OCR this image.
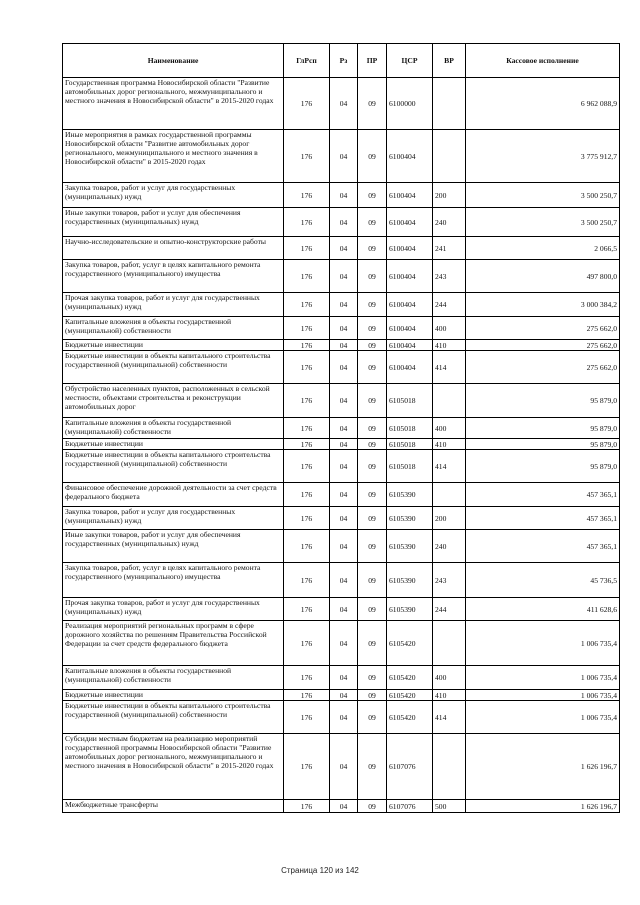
Наименование	ГлРсп	Рз	ПР	ЦСР	ВР	Кассовое исполнение
Государственная программа Новосибирской области "Развитие автомобильных дорог регионального, межмуниципального и местного значения в Новосибирской области" в 2015-2020 годах	176	04	09	6100000		6 962 088,9
Иные мероприятия в рамках государственной программы Новосибирской области "Развитие автомобильных дорог регионального, межмуниципального и местного значения в Новосибирской области" в 2015-2020 годах	176	04	09	6100404		3 775 912,7
Закупка товаров, работ и услуг для государственных (муниципальных) нужд	176	04	09	6100404	200	3 500 250,7
Иные закупки товаров, работ и услуг для обеспечения государственных (муниципальных) нужд	176	04	09	6100404	240	3 500 250,7
Научно-исследовательские и опытно-конструкторские работы	176	04	09	6100404	241	2 066,5
Закупка товаров, работ, услуг в целях капитального ремонта государственного (муниципального) имущества	176	04	09	6100404	243	497 800,0
Прочая закупка товаров, работ и услуг для государственных (муниципальных) нужд	176	04	09	6100404	244	3 000 384,2
Капитальные вложения в объекты государственной (муниципальной) собственности	176	04	09	6100404	400	275 662,0
Бюджетные инвестиции	176	04	09	6100404	410	275 662,0
Бюджетные инвестиции в объекты капитального строительства государственной (муниципальной) собственности	176	04	09	6100404	414	275 662,0
Обустройство населенных пунктов, расположенных в сельской местности, объектами строительства и реконструкции автомобильных дорог	176	04	09	6105018		95 879,0
Капитальные вложения в объекты государственной (муниципальной) собственности	176	04	09	6105018	400	95 879,0
Бюджетные инвестиции	176	04	09	6105018	410	95 879,0
Бюджетные инвестиции в объекты капитального строительства государственной (муниципальной) собственности	176	04	09	6105018	414	95 879,0
Финансовое обеспечение дорожной деятельности за счет средств федерального бюджета	176	04	09	6105390		457 365,1
Закупка товаров, работ и услуг для государственных (муниципальных) нужд	176	04	09	6105390	200	457 365,1
Иные закупки товаров, работ и услуг для обеспечения государственных (муниципальных) нужд	176	04	09	6105390	240	457 365,1
Закупка товаров, работ, услуг в целях капитального ремонта государственного (муниципального) имущества	176	04	09	6105390	243	45 736,5
Прочая закупка товаров, работ и услуг для государственных (муниципальных) нужд	176	04	09	6105390	244	411 628,6
Реализация мероприятий региональных программ в сфере дорожного хозяйства по решениям Правительства Российской Федерации за счет средств федерального бюджета	176	04	09	6105420		1 006 735,4
Капитальные вложения в объекты государственной (муниципальной) собственности	176	04	09	6105420	400	1 006 735,4
Бюджетные инвестиции	176	04	09	6105420	410	1 006 735,4
Бюджетные инвестиции в объекты капитального строительства государственной (муниципальной) собственности	176	04	09	6105420	414	1 006 735,4
Субсидии местным бюджетам на реализацию мероприятий государственной программы Новосибирской области "Развитие автомобильных дорог регионального, межмуниципального и местного значения в Новосибирской области" в 2015-2020 годах	176	04	09	6107076		1 626 196,7
Межбюджетные трансферты	176	04	09	6107076	500	1 626 196,7
Страница 120 из 142
